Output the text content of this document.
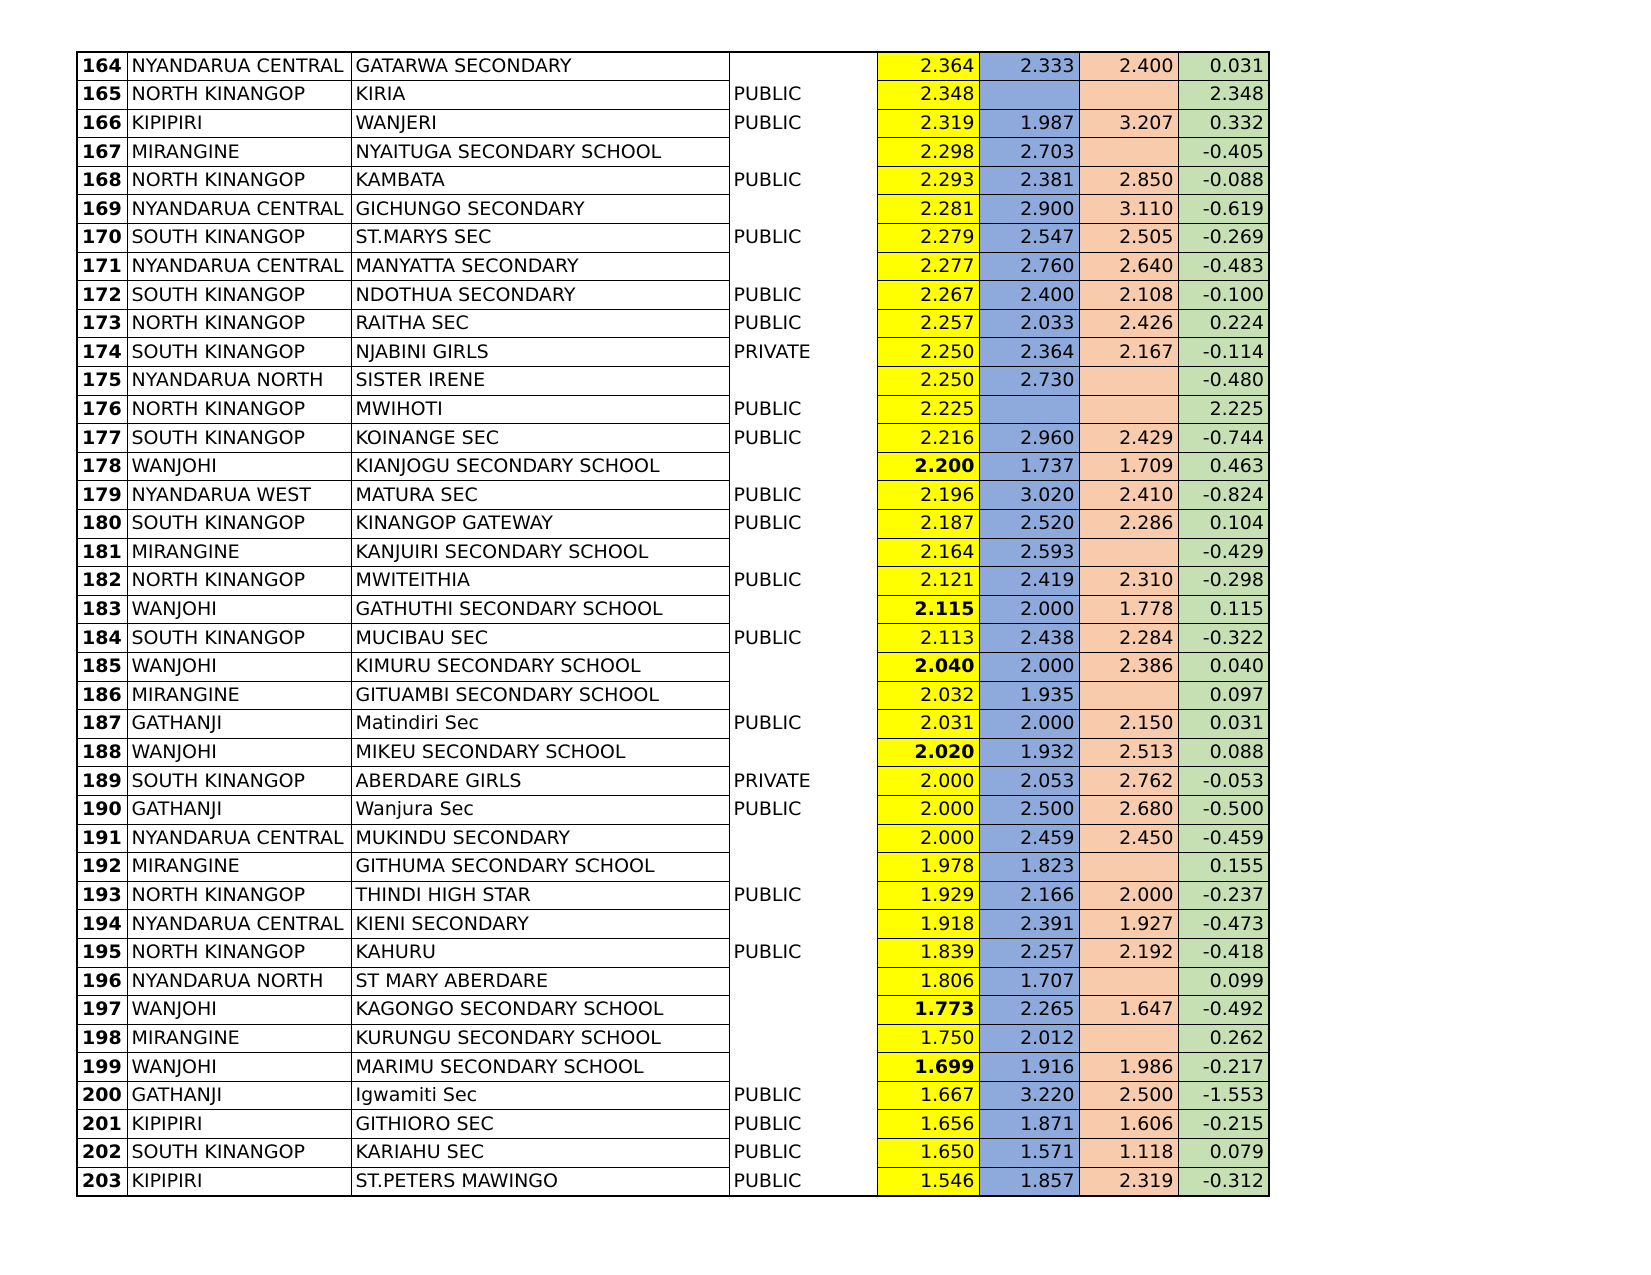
164	NYANDARUA CENTRAL	GATARWA SECONDARY		2.364	2.333	2.400	0.031
165	NORTH KINANGOP	KIRIA	PUBLIC	2.348			2.348
166	KIPIPIRI	WANJERI	PUBLIC	2.319	1.987	3.207	0.332
167	MIRANGINE	NYAITUGA SECONDARY SCHOOL		2.298	2.703		-0.405
168	NORTH KINANGOP	KAMBATA	PUBLIC	2.293	2.381	2.850	-0.088
169	NYANDARUA CENTRAL	GICHUNGO SECONDARY		2.281	2.900	3.110	-0.619
170	SOUTH KINANGOP	ST.MARYS SEC	PUBLIC	2.279	2.547	2.505	-0.269
171	NYANDARUA CENTRAL	MANYATTA SECONDARY		2.277	2.760	2.640	-0.483
172	SOUTH KINANGOP	NDOTHUA SECONDARY	PUBLIC	2.267	2.400	2.108	-0.100
173	NORTH KINANGOP	RAITHA SEC	PUBLIC	2.257	2.033	2.426	0.224
174	SOUTH KINANGOP	NJABINI GIRLS	PRIVATE	2.250	2.364	2.167	-0.114
175	NYANDARUA NORTH	SISTER IRENE		2.250	2.730		-0.480
176	NORTH KINANGOP	MWIHOTI	PUBLIC	2.225			2.225
177	SOUTH KINANGOP	KOINANGE SEC	PUBLIC	2.216	2.960	2.429	-0.744
178	WANJOHI	KIANJOGU SECONDARY SCHOOL		2.200	1.737	1.709	0.463
179	NYANDARUA WEST	MATURA SEC	PUBLIC	2.196	3.020	2.410	-0.824
180	SOUTH KINANGOP	KINANGOP GATEWAY	PUBLIC	2.187	2.520	2.286	0.104
181	MIRANGINE	KANJUIRI SECONDARY SCHOOL		2.164	2.593		-0.429
182	NORTH KINANGOP	MWITEITHIA	PUBLIC	2.121	2.419	2.310	-0.298
183	WANJOHI	GATHUTHI SECONDARY SCHOOL		2.115	2.000	1.778	0.115
184	SOUTH KINANGOP	MUCIBAU SEC	PUBLIC	2.113	2.438	2.284	-0.322
185	WANJOHI	KIMURU SECONDARY SCHOOL		2.040	2.000	2.386	0.040
186	MIRANGINE	GITUAMBI SECONDARY SCHOOL		2.032	1.935		0.097
187	GATHANJI	Matindiri Sec	PUBLIC	2.031	2.000	2.150	0.031
188	WANJOHI	MIKEU SECONDARY SCHOOL		2.020	1.932	2.513	0.088
189	SOUTH KINANGOP	ABERDARE GIRLS	PRIVATE	2.000	2.053	2.762	-0.053
190	GATHANJI	Wanjura Sec	PUBLIC	2.000	2.500	2.680	-0.500
191	NYANDARUA CENTRAL	MUKINDU SECONDARY		2.000	2.459	2.450	-0.459
192	MIRANGINE	GITHUMA SECONDARY SCHOOL		1.978	1.823		0.155
193	NORTH KINANGOP	THINDI HIGH STAR	PUBLIC	1.929	2.166	2.000	-0.237
194	NYANDARUA CENTRAL	KIENI SECONDARY		1.918	2.391	1.927	-0.473
195	NORTH KINANGOP	KAHURU	PUBLIC	1.839	2.257	2.192	-0.418
196	NYANDARUA NORTH	ST MARY ABERDARE		1.806	1.707		0.099
197	WANJOHI	KAGONGO SECONDARY SCHOOL		1.773	2.265	1.647	-0.492
198	MIRANGINE	KURUNGU SECONDARY SCHOOL		1.750	2.012		0.262
199	WANJOHI	MARIMU SECONDARY SCHOOL		1.699	1.916	1.986	-0.217
200	GATHANJI	Igwamiti Sec	PUBLIC	1.667	3.220	2.500	-1.553
201	KIPIPIRI	GITHIORO SEC	PUBLIC	1.656	1.871	1.606	-0.215
202	SOUTH KINANGOP	KARIAHU SEC	PUBLIC	1.650	1.571	1.118	0.079
203	KIPIPIRI	ST.PETERS MAWINGO	PUBLIC	1.546	1.857	2.319	-0.312
